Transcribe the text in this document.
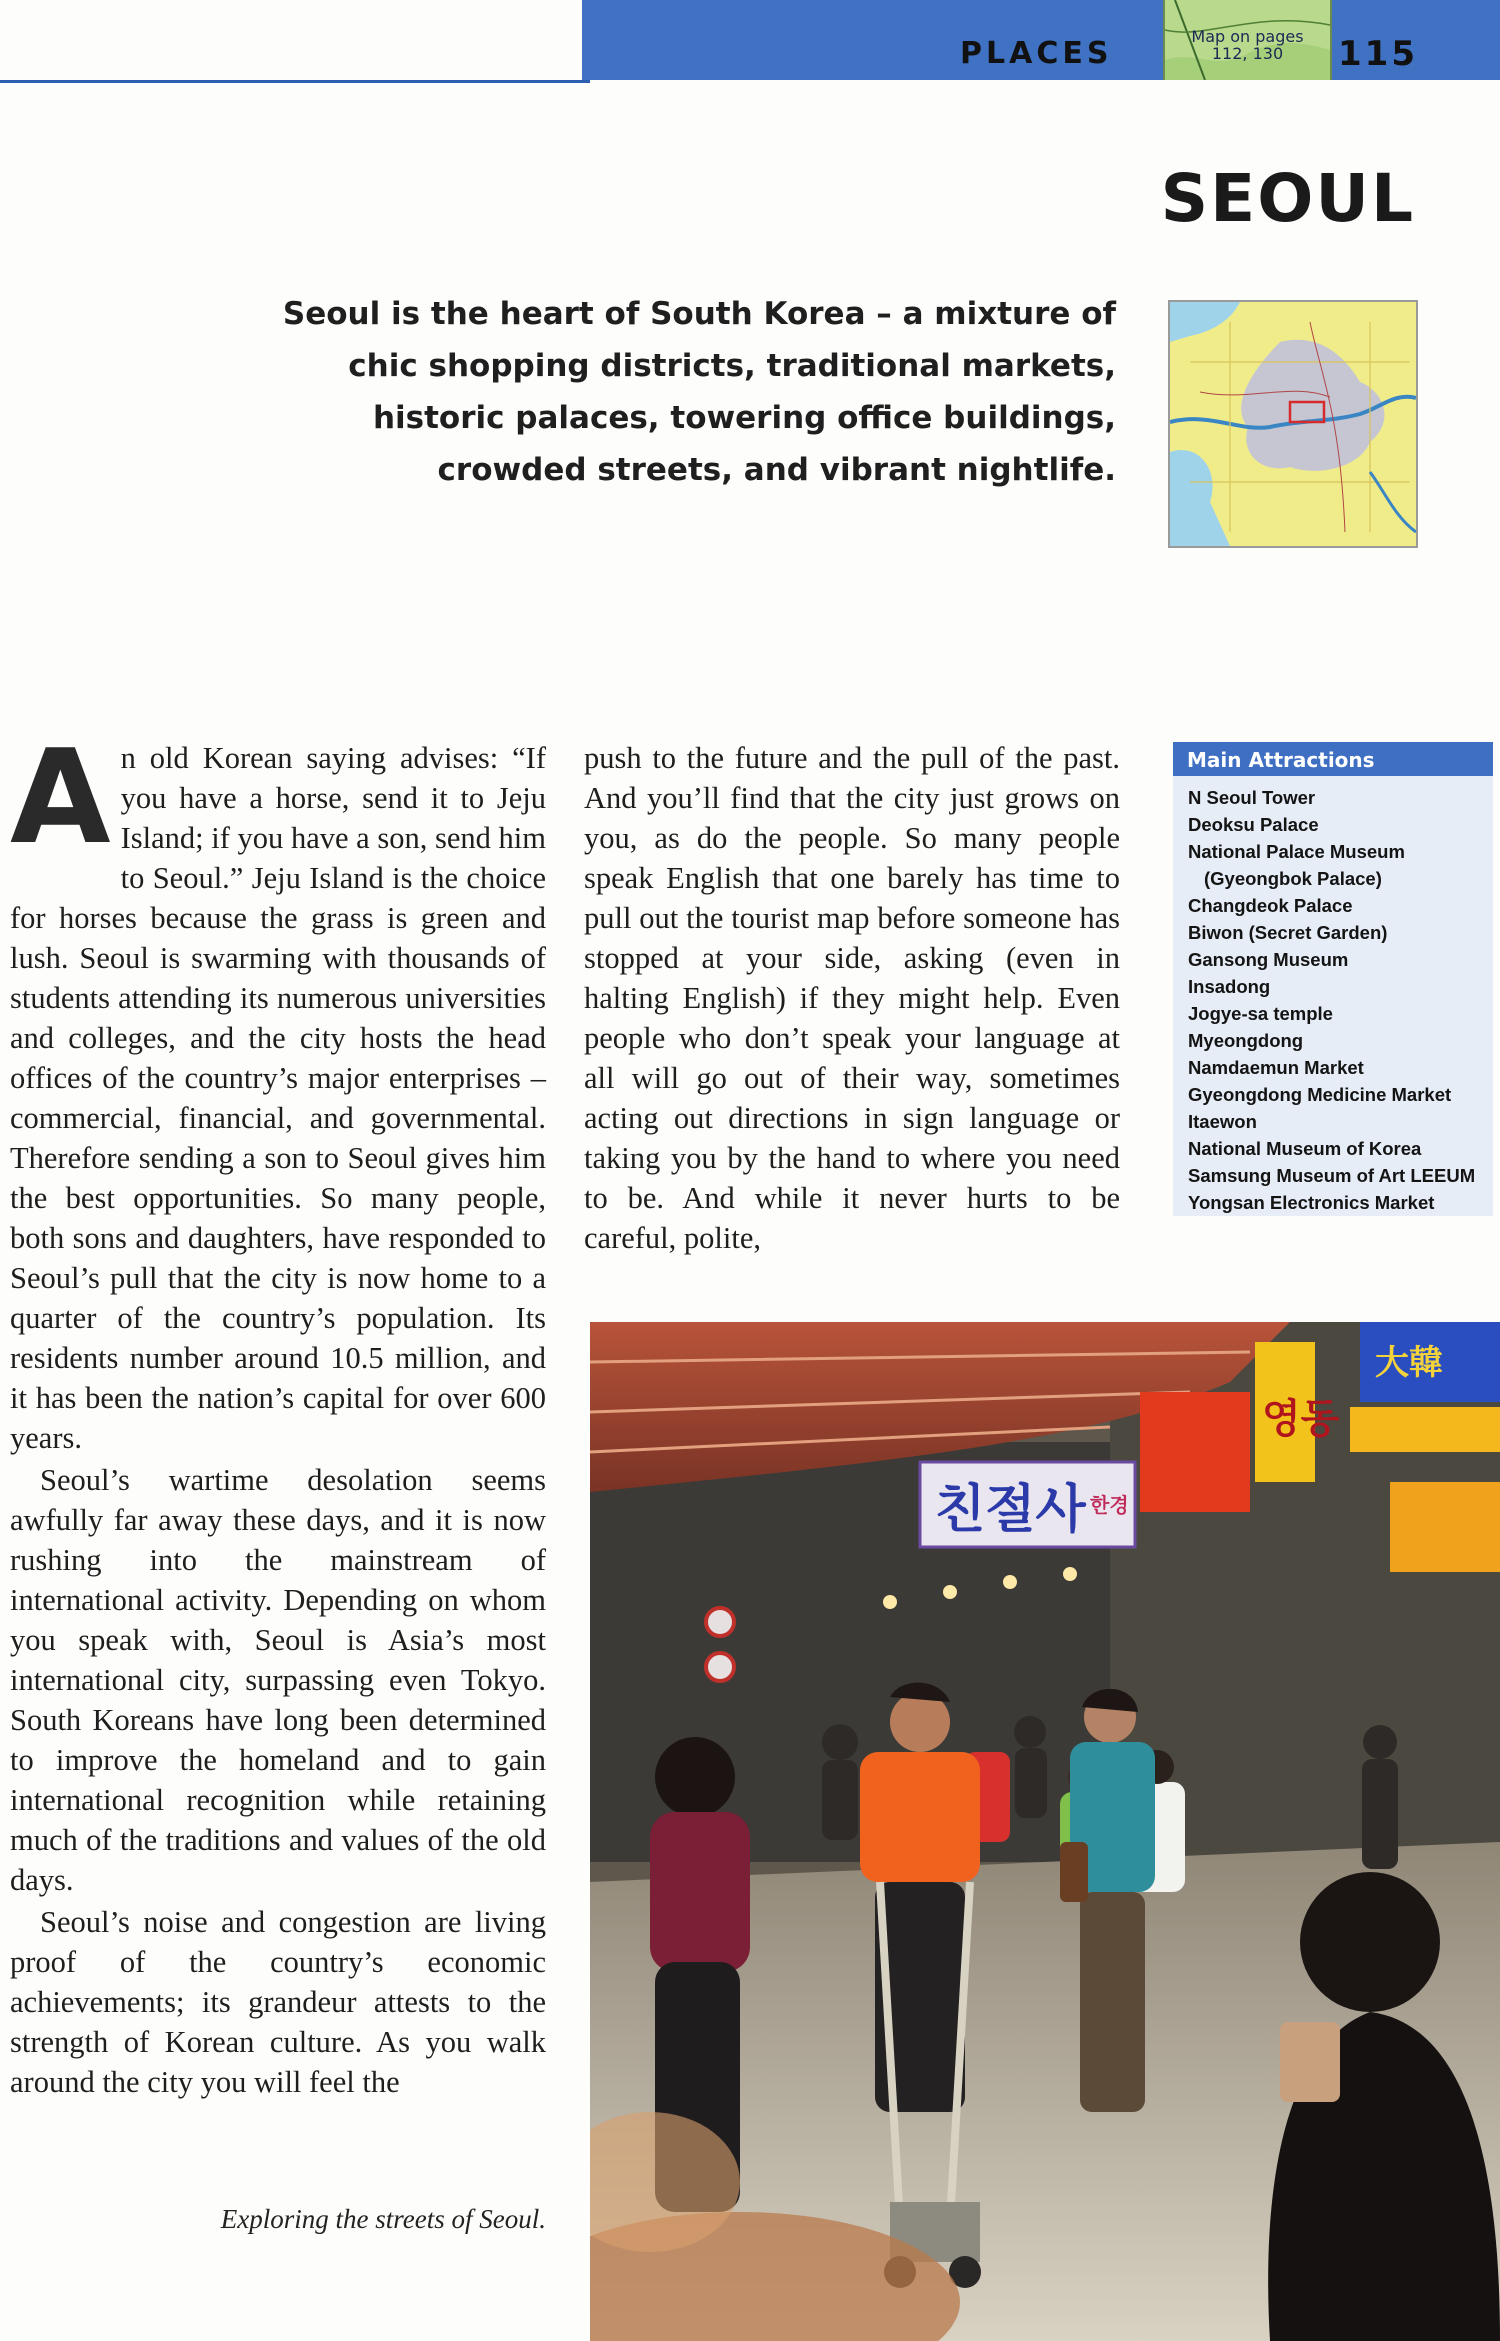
PLACES	Map on pages
112, 130	115
SEOUL
Seoul is the heart of South Korea – a mixture of
chic shopping districts, traditional markets,
historic palaces, towering office buildings,
crowded streets, and vibrant nightlife.

An old Korean saying advises: “If you have a horse, send it to Jeju Island; if you have a son, send him to Seoul.” Jeju Island is the choice for horses because the grass is green and lush. Seoul is swarming with thousands of students attending its numerous universities and colleges, and the city hosts the head offices of the country’s major enterprises – commercial, financial, and governmental. Therefore sending a son to Seoul gives him the best opportunities. So many people, both sons and daughters, have responded to Seoul’s pull that the city is now home to a quarter of the country’s population. Its residents number around 10.5 million, and it has been the nation’s capital for over 600 years.

Seoul’s wartime desolation seems awfully far away these days, and it is now rushing into the mainstream of international activity. Depending on whom you speak with, Seoul is Asia’s most international city, surpassing even Tokyo. South Koreans have long been determined to improve the homeland and to gain international recognition while retaining much of the traditions and values of the old days.

Seoul’s noise and congestion are living proof of the country’s economic achievements; its grandeur attests to the strength of Korean culture. As you walk around the city you will feel the

push to the future and the pull of the past. And you’ll find that the city just grows on you, as do the people. So many people speak English that one barely has time to pull out the tourist map before someone has stopped at your side, asking (even in halting English) if they might help. Even people who don’t speak your language at all will go out of their way, sometimes acting out directions in sign language or taking you by the hand to where you need to be. And while it never hurts to be careful, polite,

Main Attractions
N Seoul Tower
Deoksu Palace
National Palace Museum
(Gyeongbok Palace)
Changdeok Palace
Biwon (Secret Garden)
Gansong Museum
Insadong
Jogye-sa temple
Myeongdong
Namdaemun Market
Gyeongdong Medicine Market
Itaewon
National Museum of Korea
Samsung Museum of Art LEEUM
Yongsan Electronics Market
친절사 한경
영동
大韓
Exploring the streets of Seoul.
